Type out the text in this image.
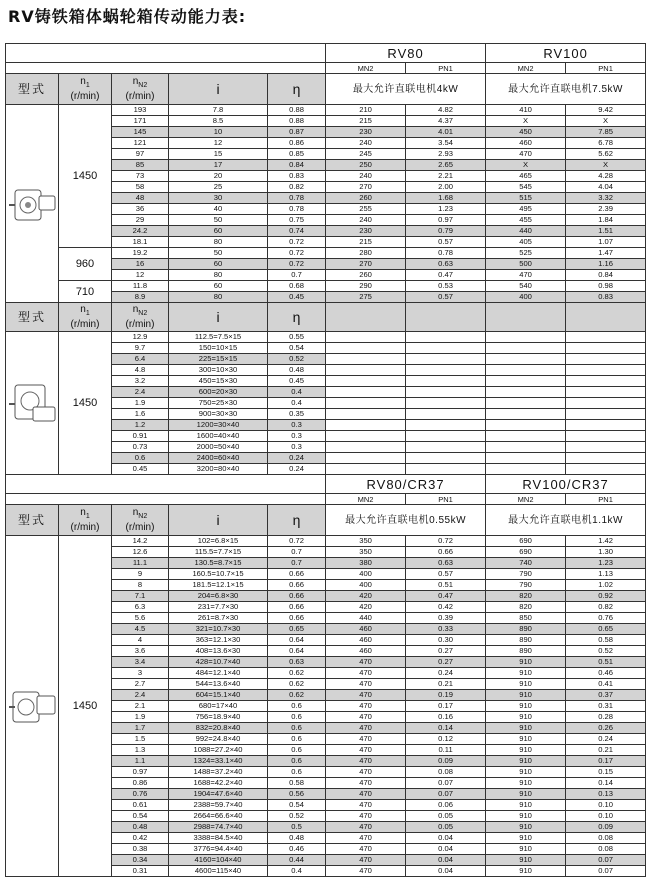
RV铸铁箱体蜗轮箱传动能力表:
					RV80		RV100	
					MN2	PN1	MN2	PN1
型式	$n_1$
(r/min)	$n_{N2}$
(r/min)	i	η	最大允许直联电机4kW		最大允许直联电机7.5kW	

	1450	193	7.8	0.88	210	4.82	410	9.42
		171	8.5	0.88	215	4.37	X	X
		145	10	0.87	230	4.01	450	7.85
		121	12	0.86	240	3.54	460	6.78
		97	15	0.85	245	2.93	470	5.62
		85	17	0.84	250	2.65	X	X
		73	20	0.83	240	2.21	465	4.28
		58	25	0.82	270	2.00	545	4.04
		48	30	0.78	260	1.68	515	3.32
		36	40	0.78	255	1.23	495	2.39
		29	50	0.75	240	0.97	455	1.84
		24.2	60	0.74	230	0.79	440	1.51
		18.1	80	0.72	215	0.57	405	1.07
	960	19.2	50	0.72	280	0.78	525	1.47
		16	60	0.72	270	0.63	500	1.16
		12	80	0.7	260	0.47	470	0.84
	710	11.8	60	0.68	290	0.53	540	0.98
		8.9	80	0.45	275	0.57	400	0.83
型式	$n_1$
(r/min)	$n_{N2}$
(r/min)	i	η				

	1450	12.9	112.5=7.5×15	0.55				
		9.7	150=10×15	0.54				
		6.4	225=15×15	0.52				
		4.8	300=10×30	0.48				
		3.2	450=15×30	0.45				
		2.4	600=20×30	0.4				
		1.9	750=25×30	0.4				
		1.6	900=30×30	0.35				
		1.2	1200=30×40	0.3				
		0.91	1600=40×40	0.3				
		0.73	2000=50×40	0.3				
		0.6	2400=60×40	0.24				
		0.45	3200=80×40	0.24				
					RV80/CR37		RV100/CR37	
					MN2	PN1	MN2	PN1
型式	$n_1$
(r/min)	$n_{N2}$
(r/min)	i	η	最大允许直联电机0.55kW		最大允许直联电机1.1kW	

	1450	14.2	102=6.8×15	0.72	350	0.72	690	1.42
		12.6	115.5=7.7×15	0.7	350	0.66	690	1.30
		11.1	130.5=8.7×15	0.7	380	0.63	740	1.23
		9	160.5=10.7×15	0.66	400	0.57	790	1.13
		8	181.5=12.1×15	0.66	400	0.51	790	1.02
		7.1	204=6.8×30	0.66	420	0.47	820	0.92
		6.3	231=7.7×30	0.66	420	0.42	820	0.82
		5.6	261=8.7×30	0.66	440	0.39	850	0.76
		4.5	321=10.7×30	0.65	460	0.33	890	0.65
		4	363=12.1×30	0.64	460	0.30	890	0.58
		3.6	408=13.6×30	0.64	460	0.27	890	0.52
		3.4	428=10.7×40	0.63	470	0.27	910	0.51
		3	484=12.1×40	0.62	470	0.24	910	0.46
		2.7	544=13.6×40	0.62	470	0.21	910	0.41
		2.4	604=15.1×40	0.62	470	0.19	910	0.37
		2.1	680=17×40	0.6	470	0.17	910	0.31
		1.9	756=18.9×40	0.6	470	0.16	910	0.28
		1.7	832=20.8×40	0.6	470	0.14	910	0.26
		1.5	992=24.8×40	0.6	470	0.12	910	0.24
		1.3	1088=27.2×40	0.6	470	0.11	910	0.21
		1.1	1324=33.1×40	0.6	470	0.09	910	0.17
		0.97	1488=37.2×40	0.6	470	0.08	910	0.15
		0.86	1688=42.2×40	0.58	470	0.07	910	0.14
		0.76	1904=47.6×40	0.56	470	0.07	910	0.13
		0.61	2388=59.7×40	0.54	470	0.06	910	0.10
		0.54	2664=66.6×40	0.52	470	0.05	910	0.10
		0.48	2988=74.7×40	0.5	470	0.05	910	0.09
		0.42	3388=84.5×40	0.48	470	0.04	910	0.08
		0.38	3776=94.4×40	0.46	470	0.04	910	0.08
		0.34	4160=104×40	0.44	470	0.04	910	0.07
		0.31	4600=115×40	0.4	470	0.04	910	0.07
